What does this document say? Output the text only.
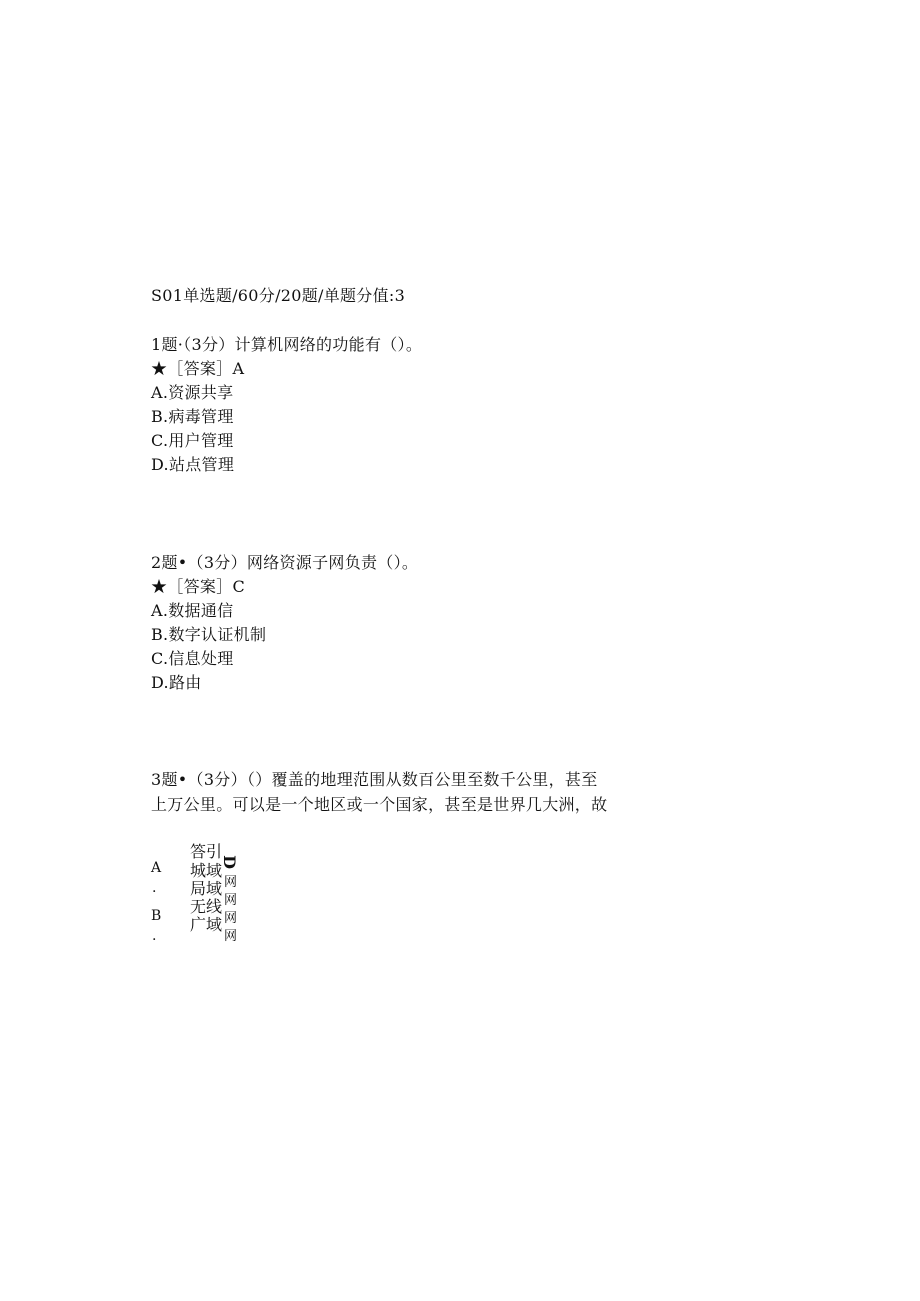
S01单选题/60分/20题/单题分值:3
1题·（3分）计算机网络的功能有（）。
★［答案］A
A.资源共享
B.病毒管理
C.用户管理
D.站点管理
2题•（3分）网络资源子网负责（）。
★［答案］C
A.数据通信
B.数字认证机制
C.信息处理
D.路由
3题•（3分）（）覆盖的地理范围从数百公里至数千公里，甚至
上万公里。可以是一个地区或一个国家，甚至是世界几大洲，故
A
.
B
.
答引
D
城域
局域
无线
广域
网
网
网
网
